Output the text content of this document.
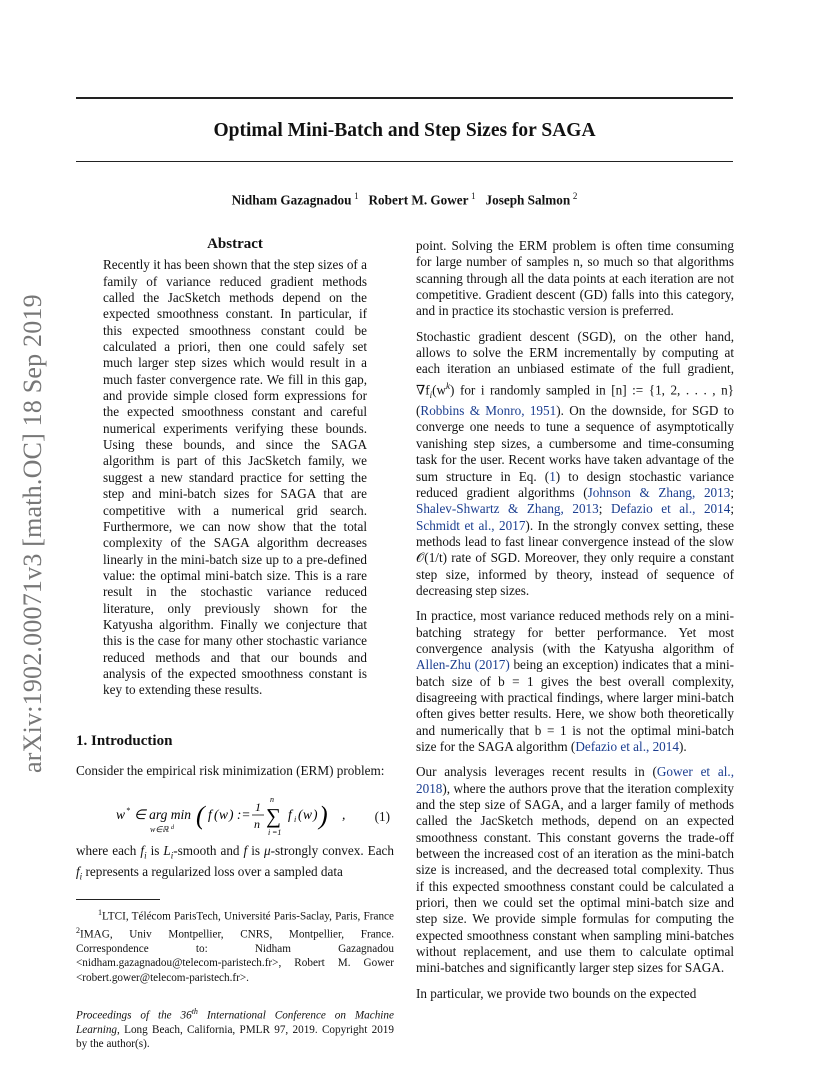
arXiv:1902.00071v3 [math.OC] 18 Sep 2019
Optimal Mini-Batch and Step Sizes for SAGA
Nidham Gazagnadou  $^1$ Robert M. Gower  $^1$ Joseph Salmon  $^2$
Abstract

Recently it has been shown that the step sizes of a family of variance reduced gradient methods called the JacSketch methods depend on the expected smoothness constant. In particular, if this expected smoothness constant could be calculated a priori, then one could safely set much larger step sizes which would result in a much faster convergence rate. We fill in this gap, and provide simple closed form expressions for the expected smoothness constant and careful numerical experiments verifying these bounds. Using these bounds, and since the SAGA algorithm is part of this JacSketch family, we suggest a new standard practice for setting the step and mini-batch sizes for SAGA that are competitive with a numerical grid search. Furthermore, we can now show that the total complexity of the SAGA algorithm decreases linearly in the mini-batch size up to a pre-defined value: the optimal mini-batch size. This is a rare result in the stochastic variance reduced literature, only previously shown for the Katyusha algorithm. Finally we conjecture that this is the case for many other stochastic variance reduced methods and that our bounds and analysis of the expected smoothness constant is key to extending these results.

1. Introduction

Consider the empirical risk minimization (ERM) problem:

w * ∈ arg min
w∈ℝ d ( f ( w ) := 1
n
n
∑
i =1
f i ( w ) ) , (1)

where each $f_i$ is $L_i$-smooth and f is μ-strongly convex. Each $f_i$ represents a regularized loss over a sampled data

$^1$LTCI, Télécom ParisTech, Université Paris-Saclay, Paris, France $^2$IMAG, Univ Montpellier, CNRS, Montpellier, France. Correspondence to: Nidham Gazagnadou <nidham.gazagnadou@telecom-paristech.fr>, Robert M. Gower <robert.gower@telecom-paristech.fr>.

Proceedings of the 36th International Conference on Machine Learning, Long Beach, California, PMLR 97, 2019. Copyright 2019 by the author(s).

point. Solving the ERM problem is often time consuming for large number of samples n, so much so that algorithms scanning through all the data points at each iteration are not competitive. Gradient descent (GD) falls into this category, and in practice its stochastic version is preferred.

Stochastic gradient descent (SGD), on the other hand, allows to solve the ERM incrementally by computing at each iteration an unbiased estimate of the full gradient, $\nabla f_i(w^k)$ for i randomly sampled in [n] := {1, 2, . . . , n} (Robbins & Monro, 1951). On the downside, for SGD to converge one needs to tune a sequence of asymptotically vanishing step sizes, a cumbersome and time-consuming task for the user. Recent works have taken advantage of the sum structure in Eq. (1) to design stochastic variance reduced gradient algorithms (Johnson & Zhang, 2013; Shalev-Shwartz & Zhang, 2013; Defazio et al., 2014; Schmidt et al., 2017). In the strongly convex setting, these methods lead to fast linear convergence instead of the slow 𝒪(1/t) rate of SGD. Moreover, they only require a constant step size, informed by theory, instead of sequence of decreasing step sizes.

In practice, most variance reduced methods rely on a mini-batching strategy for better performance. Yet most convergence analysis (with the Katyusha algorithm of Allen-Zhu (2017) being an exception) indicates that a mini-batch size of b = 1 gives the best overall complexity, disagreeing with practical findings, where larger mini-batch often gives better results. Here, we show both theoretically and numerically that b = 1 is not the optimal mini-batch size for the SAGA algorithm (Defazio et al., 2014).

Our analysis leverages recent results in (Gower et al., 2018), where the authors prove that the iteration complexity and the step size of SAGA, and a larger family of methods called the JacSketch methods, depend on an expected smoothness constant. This constant governs the trade-off between the increased cost of an iteration as the mini-batch size is increased, and the decreased total complexity. Thus if this expected smoothness constant could be calculated a priori, then we could set the optimal mini-batch size and step size. We provide simple formulas for computing the expected smoothness constant when sampling mini-batches without replacement, and use them to calculate optimal mini-batches and significantly larger step sizes for SAGA.

In particular, we provide two bounds on the expected
